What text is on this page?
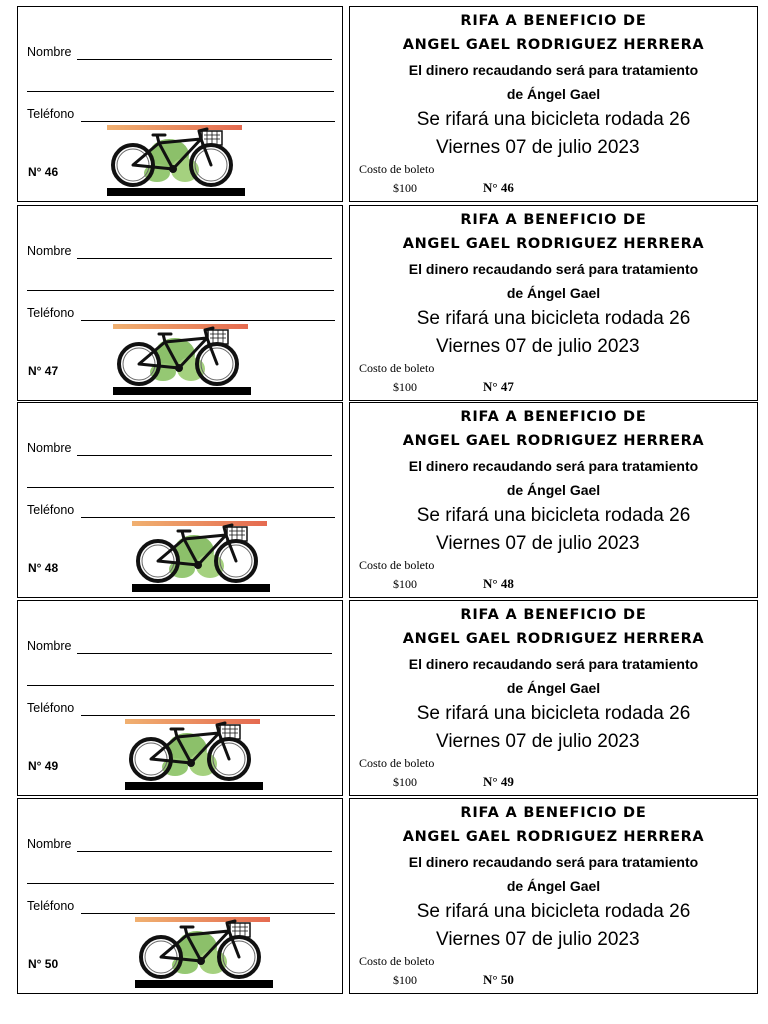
Nombre
Teléfono
N° 46
RIFA A BENEFICIO DE
ANGEL GAEL RODRIGUEZ HERRERA
El dinero recaudando será para tratamiento
de Ángel Gael
Se rifará una bicicleta rodada 26
Viernes 07 de julio 2023
Costo de boleto
$100	N° 46
Nombre
Teléfono
N° 47
RIFA A BENEFICIO DE
ANGEL GAEL RODRIGUEZ HERRERA
El dinero recaudando será para tratamiento
de Ángel Gael
Se rifará una bicicleta rodada 26
Viernes 07 de julio 2023
Costo de boleto
$100	N° 47
Nombre
Teléfono
N° 48
RIFA A BENEFICIO DE
ANGEL GAEL RODRIGUEZ HERRERA
El dinero recaudando será para tratamiento
de Ángel Gael
Se rifará una bicicleta rodada 26
Viernes 07 de julio 2023
Costo de boleto
$100	N° 48
Nombre
Teléfono
N° 49
RIFA A BENEFICIO DE
ANGEL GAEL RODRIGUEZ HERRERA
El dinero recaudando será para tratamiento
de Ángel Gael
Se rifará una bicicleta rodada 26
Viernes 07 de julio 2023
Costo de boleto
$100	N° 49
Nombre
Teléfono
N° 50
RIFA A BENEFICIO DE
ANGEL GAEL RODRIGUEZ HERRERA
El dinero recaudando será para tratamiento
de Ángel Gael
Se rifará una bicicleta rodada 26
Viernes 07 de julio 2023
Costo de boleto
$100	N° 50
